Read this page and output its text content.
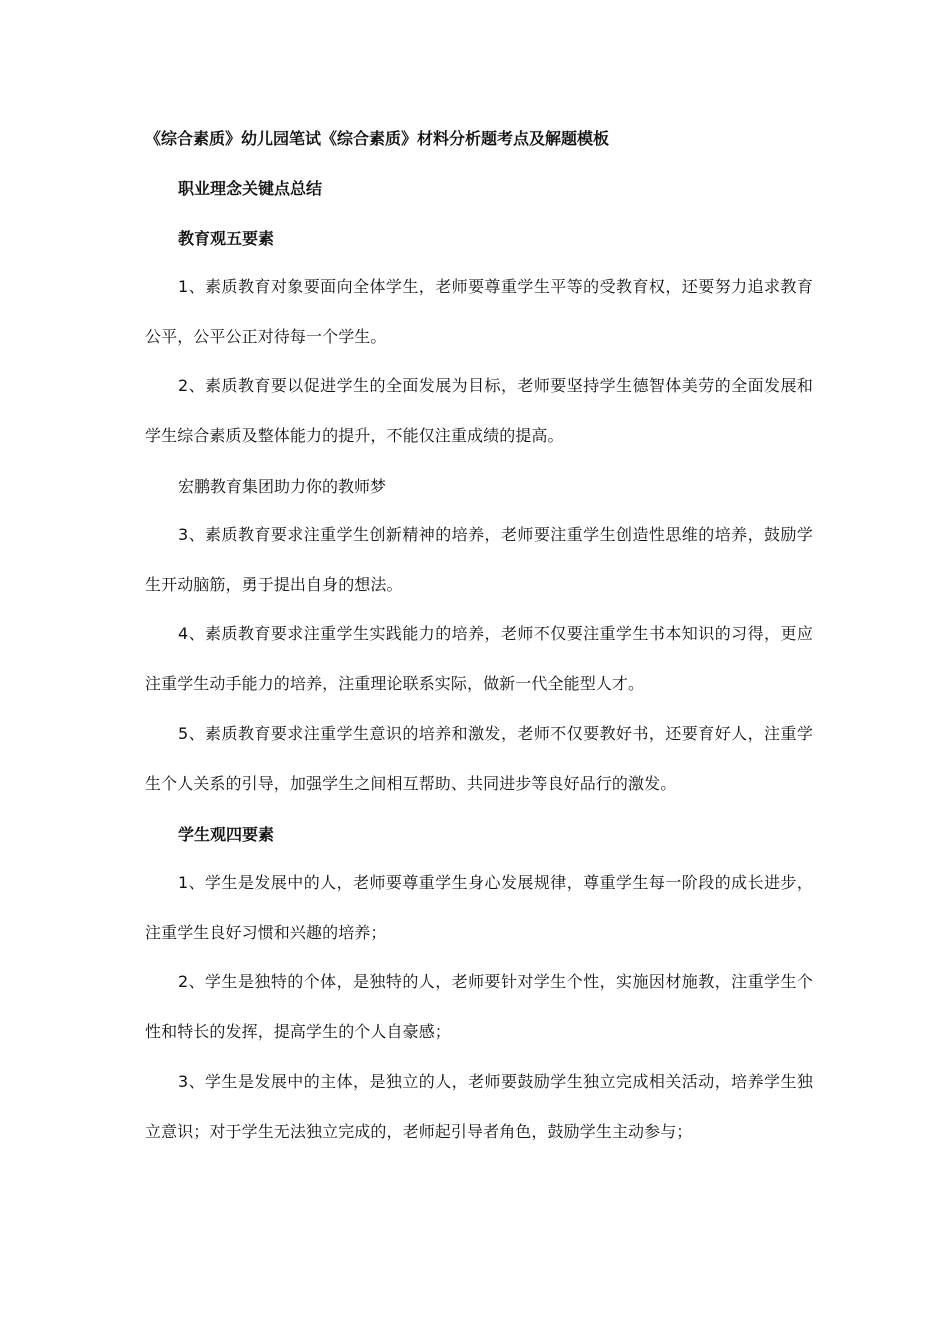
《综合素质》幼儿园笔试《综合素质》材料分析题考点及解题模板
职业理念关键点总结
教育观五要素

1、素质教育对象要面向全体学生，老师要尊重学生平等的受教育权，还要努力追求教育公平，公平公正对待每一个学生。

2、素质教育要以促进学生的全面发展为目标，老师要坚持学生德智体美劳的全面发展和学生综合素质及整体能力的提升，不能仅注重成绩的提高。

宏鹏教育集团助力你的教师梦

3、素质教育要求注重学生创新精神的培养，老师要注重学生创造性思维的培养，鼓励学生开动脑筋，勇于提出自身的想法。

4、素质教育要求注重学生实践能力的培养，老师不仅要注重学生书本知识的习得，更应注重学生动手能力的培养，注重理论联系实际，做新一代全能型人才。

5、素质教育要求注重学生意识的培养和激发，老师不仅要教好书，还要育好人，注重学生个人关系的引导，加强学生之间相互帮助、共同进步等良好品行的激发。

学生观四要素

1、学生是发展中的人，老师要尊重学生身心发展规律，尊重学生每一阶段的成长进步，注重学生良好习惯和兴趣的培养；

2、学生是独特的个体，是独特的人，老师要针对学生个性，实施因材施教，注重学生个性和特长的发挥，提高学生的个人自豪感；

3、学生是发展中的主体，是独立的人，老师要鼓励学生独立完成相关活动，培养学生独立意识；对于学生无法独立完成的，老师起引导者角色，鼓励学生主动参与；
